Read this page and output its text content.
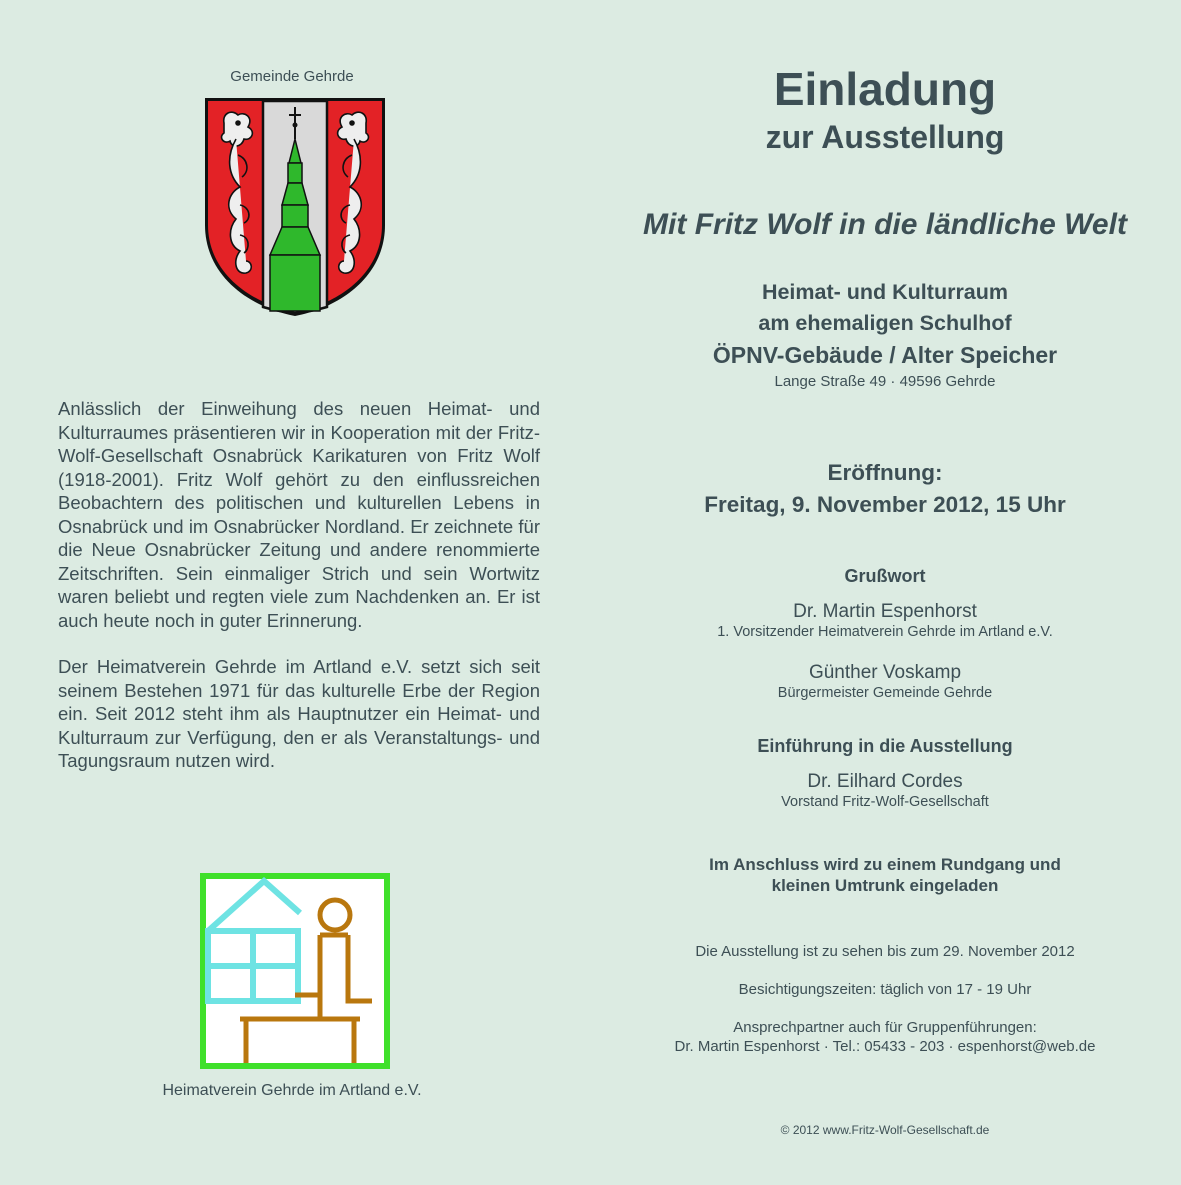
Gemeinde Gehrde

Anlässlich der Einweihung des neuen Heimat- und Kulturraumes präsentieren wir in Kooperation mit der Fritz-Wolf-Gesellschaft Osnabrück Karikaturen von Fritz Wolf (1918-2001). Fritz Wolf gehört zu den einflussreichen Beobachtern des politischen und kulturellen Lebens in Osnabrück und im Osnabrücker Nordland. Er zeichnete für die Neue Osnabrücker Zeitung und andere renommierte Zeitschriften. Sein einmaliger Strich und sein Wortwitz waren beliebt und regten viele zum Nachdenken an. Er ist auch heute noch in guter Erinnerung.

Der Heimatverein Gehrde im Artland e.V. setzt sich seit seinem Bestehen 1971 für das kulturelle Erbe der Region ein. Seit 2012 steht ihm als Hauptnutzer ein Heimat- und Kulturraum zur Verfügung, den er als Veranstaltungs- und Tagungsraum nutzen wird.

Heimatverein Gehrde im Artland e.V.
Einladung
zur Ausstellung
Mit Fritz Wolf in die ländliche Welt
Heimat- und Kulturraum
am ehemaligen Schulhof
ÖPNV-Gebäude / Alter Speicher
Lange Straße 49 · 49596 Gehrde
Eröffnung:
Freitag, 9. November 2012, 15 Uhr
Grußwort
Dr. Martin Espenhorst
1. Vorsitzender Heimatverein Gehrde im Artland e.V.
Günther Voskamp
Bürgermeister Gemeinde Gehrde
Einführung in die Ausstellung
Dr. Eilhard Cordes
Vorstand Fritz-Wolf-Gesellschaft
Im Anschluss wird zu einem Rundgang und
kleinen Umtrunk eingeladen
Die Ausstellung ist zu sehen bis zum 29. November 2012
Besichtigungszeiten: täglich von 17 - 19 Uhr
Ansprechpartner auch für Gruppenführungen:
Dr. Martin Espenhorst · Tel.: 05433 - 203 · espenhorst@web.de
© 2012 www.Fritz-Wolf-Gesellschaft.de
